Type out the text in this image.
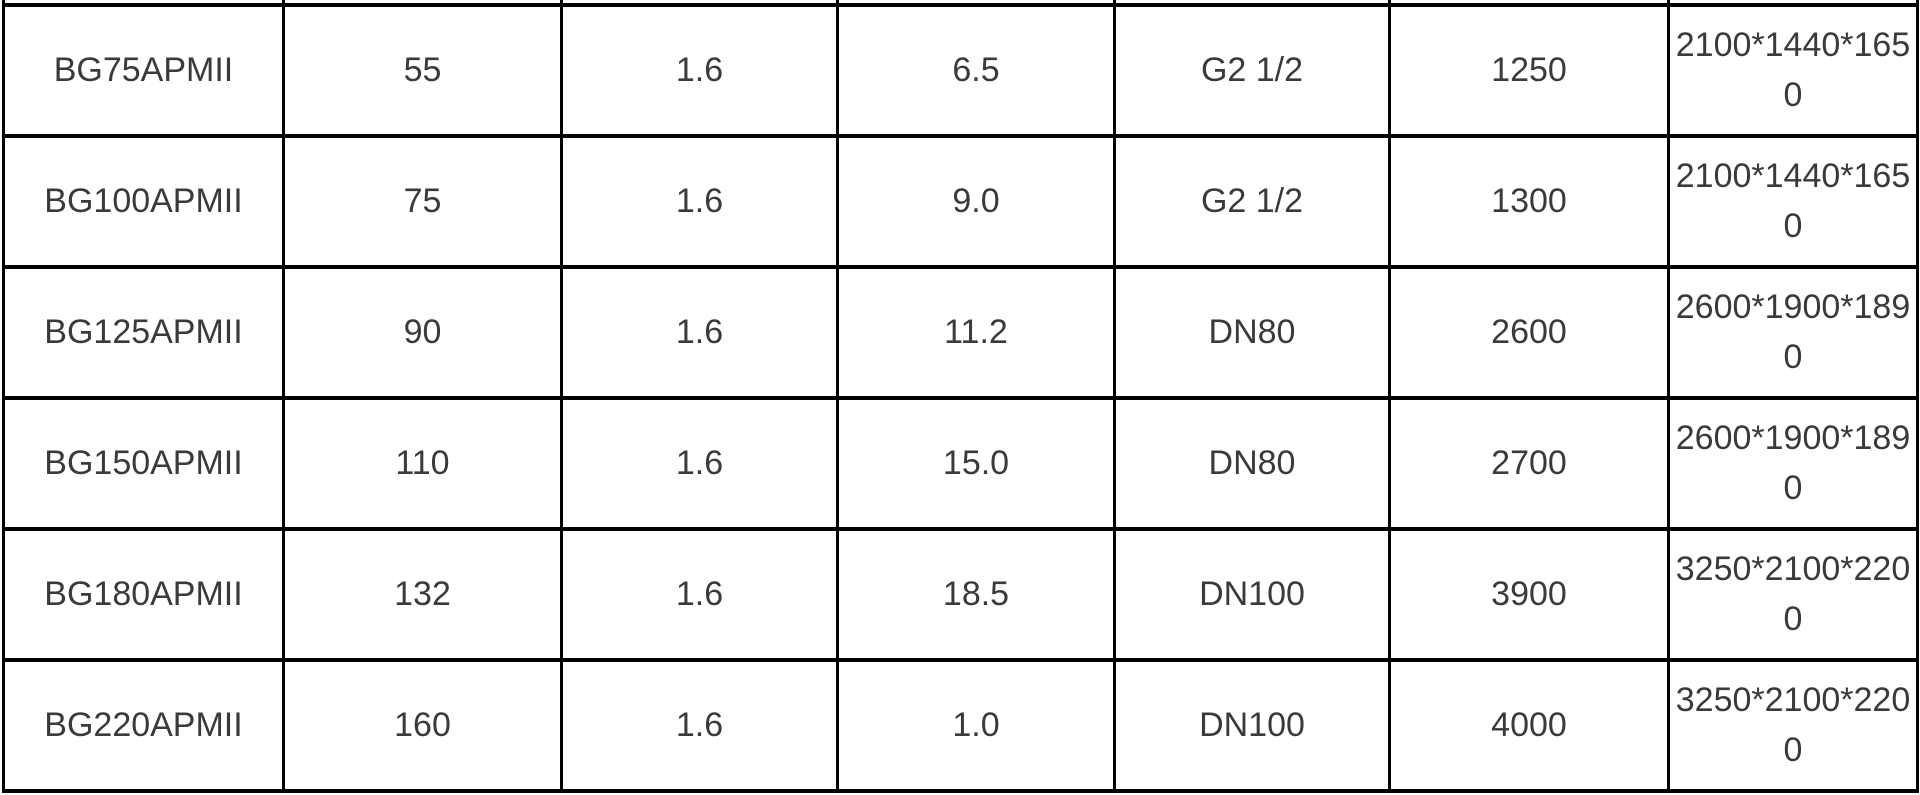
BG75APMII	55	1.6	6.5	G2 1/2	1250	2100*1440*1650
BG100APMII	75	1.6	9.0	G2 1/2	1300	2100*1440*1650
BG125APMII	90	1.6	11.2	DN80	2600	2600*1900*1890
BG150APMII	110	1.6	15.0	DN80	2700	2600*1900*1890
BG180APMII	132	1.6	18.5	DN100	3900	3250*2100*2200
BG220APMII	160	1.6	1.0	DN100	4000	3250*2100*2200
